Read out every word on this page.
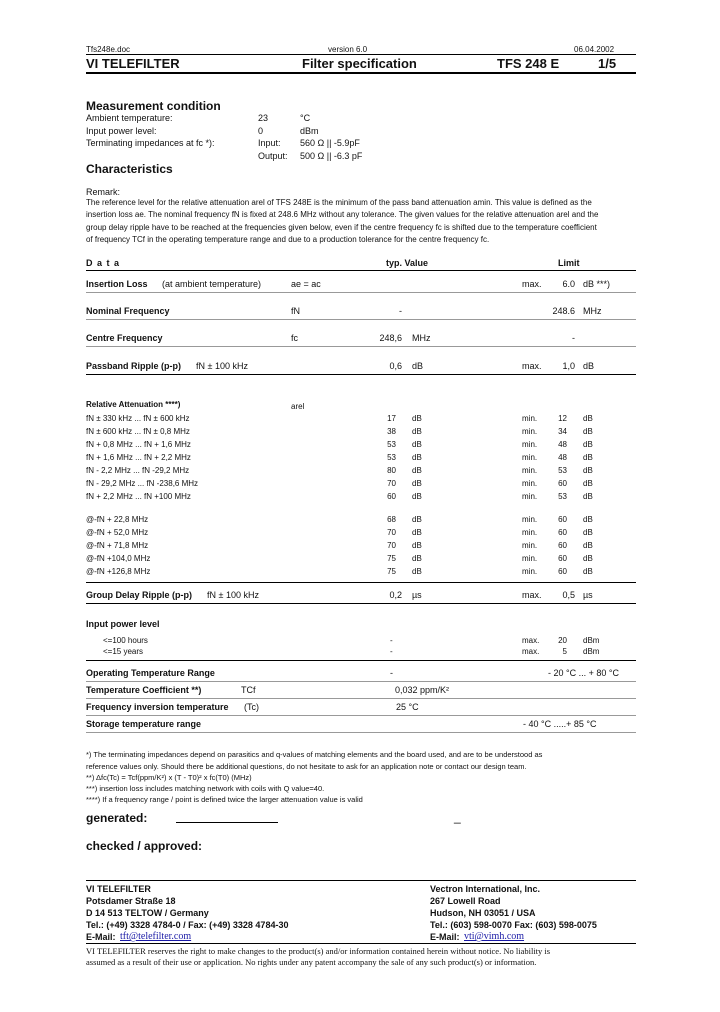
Tfs248e.doc	version 6.0	06.04.2002
VI TELEFILTER	Filter specification	TFS 248 E	1/5
Measurement condition
Ambient temperature:	23	°C
Input power level:	0	dBm
Terminating impedances at fc *):	Input: 560 Ω || -5.9pF
Output: 500 Ω || -6.3 pF
Characteristics
Remark:
The reference level for the relative attenuation arel of TFS 248E is the minimum of the pass band attenuation amin. This value is defined as the
insertion loss ae. The nominal frequency fN is fixed at 248.6 MHz without any tolerance. The given values for the relative attenuation arel and the
group delay ripple have to be reached at the frequencies given below, even if the centre frequency fc is shifted due to the temperature coefficient
of frequency TCf in the operating temperature range and due to a production tolerance for the centre frequency fc.
D a t a	typ. Value	Limit
Insertion Loss (at ambient temperature)	ae = ac	max.	6.0 dB ***)
Nominal Frequency	fN	-	248.6 MHz
Centre Frequency	fc	248,6 MHz	-
Passband Ripple (p-p) fN ± 100 kHz	0,6 dB	max.	1,0 dB
Relative Attenuation ****)	arel
fN ± 330 kHz ... fN ± 600 kHz	17 dB	min.	12 dB
fN ± 600 kHz ... fN ± 0,8 MHz	38 dB	min.	34 dB
fN + 0,8 MHz ... fN + 1,6 MHz	53 dB	min.	48 dB
fN + 1,6 MHz ... fN + 2,2 MHz	53 dB	min.	48 dB
fN - 2,2 MHz ... fN -29,2 MHz	80 dB	min.	53 dB
fN - 29,2 MHz ... fN -238,6 MHz	70 dB	min.	60 dB
fN + 2,2 MHz ... fN +100 MHz	60 dB	min.	53 dB
@-fN + 22,8 MHz	68 dB	min.	60 dB
@-fN + 52,0 MHz	70 dB	min.	60 dB
@-fN + 71,8 MHz	70 dB	min.	60 dB
@-fN +104,0 MHz	75 dB	min.	60 dB
@-fN +126,8 MHz	75 dB	min.	60 dB
Group Delay Ripple (p-p) fN ± 100 kHz	0,2 µs	max.	0,5 µs
Input power level
<=100 hours	-	max.	20 dBm
<=15 years	-	max.	5 dBm
Operating Temperature Range	-	- 20 °C ... + 80 °C
Temperature Coefficient **)	TCf	0,032 ppm/K²
Frequency inversion temperature (Tc)	25 °C
Storage temperature range	- 40 °C .....+ 85 °C
*) The terminating impedances depend on parasitics and q-values of matching elements and the board used, and are to be understood as
reference values only. Should there be additional questions, do not hesitate to ask for an application note or contact our design team.
**) Δfc(Tc) = Tcf(ppm/K²) x (T - T0)² x fc(T0) (MHz)
***) insertion loss includes matching network with coils with Q value=40.
****) If a frequency range / point is defined twice the larger attenuation value is valid
generated:	_
checked / approved:
VI TELEFILTER	Vectron International, Inc.
Potsdamer Straße 18	267 Lowell Road
D 14 513 TELTOW / Germany	Hudson, NH 03051 / USA
Tel.: (+49) 3328 4784-0 / Fax: (+49) 3328 4784-30	Tel.: (603) 598-0070 Fax: (603) 598-0075
E-Mail: tft@telefilter.com	E-Mail: vti@vimh.com
VI TELEFILTER reserves the right to make changes to the product(s) and/or information contained herein without notice. No liability is
assumed as a result of their use or application. No rights under any patent accompany the sale of any such product(s) or information.
